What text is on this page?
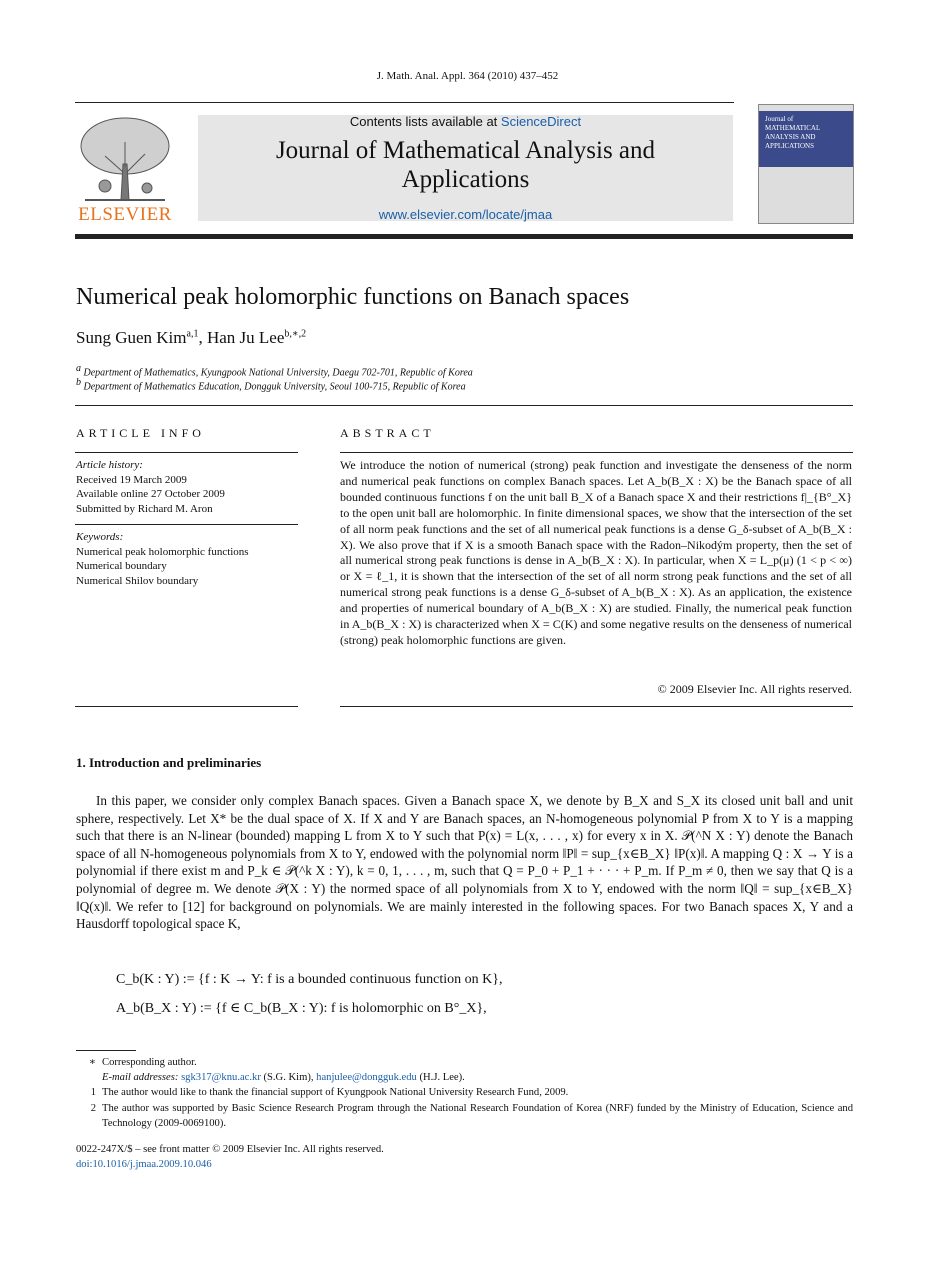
J. Math. Anal. Appl. 364 (2010) 437–452
ELSEVIER
Contents lists available at ScienceDirect
Journal of Mathematical Analysis and
Applications
www.elsevier.com/locate/jmaa
Journal of MATHEMATICAL ANALYSIS AND APPLICATIONS
Numerical peak holomorphic functions on Banach spaces
Sung Guen Kim$^{a,1}$, Han Ju Lee$^{b,∗,2}$
$^a$ Department of Mathematics, Kyungpook National University, Daegu 702-701, Republic of Korea
$^b$ Department of Mathematics Education, Dongguk University, Seoul 100-715, Republic of Korea
ARTICLE INFO
Article history:
Received 19 March 2009
Available online 27 October 2009
Submitted by Richard M. Aron
Keywords:
Numerical peak holomorphic functions
Numerical boundary
Numerical Shilov boundary
ABSTRACT
We introduce the notion of numerical (strong) peak function and investigate the denseness of the norm and numerical peak functions on complex Banach spaces. Let A_b(B_X : X) be the Banach space of all bounded continuous functions f on the unit ball B_X of a Banach space X and their restrictions f|_{B°_X} to the open unit ball are holomorphic. In finite dimensional spaces, we show that the intersection of the set of all norm peak functions and the set of all numerical peak functions is a dense G_δ-subset of A_b(B_X : X). We also prove that if X is a smooth Banach space with the Radon–Nikodým property, then the set of all numerical strong peak functions is dense in A_b(B_X : X). In particular, when X = L_p(μ) (1 < p < ∞) or X = ℓ_1, it is shown that the intersection of the set of all norm strong peak functions and the set of all numerical strong peak functions is a dense G_δ-subset of A_b(B_X : X). As an application, the existence and properties of numerical boundary of A_b(B_X : X) are studied. Finally, the numerical peak function in A_b(B_X : X) is characterized when X = C(K) and some negative results on the denseness of numerical (strong) peak holomorphic functions are given.
© 2009 Elsevier Inc. All rights reserved.
1. Introduction and preliminaries
In this paper, we consider only complex Banach spaces. Given a Banach space X, we denote by B_X and S_X its closed unit ball and unit sphere, respectively. Let X* be the dual space of X. If X and Y are Banach spaces, an N-homogeneous polynomial P from X to Y is a mapping such that there is an N-linear (bounded) mapping L from X to Y such that P(x) = L(x, . . . , x) for every x in X. 𝒫(^N X : Y) denote the Banach space of all N-homogeneous polynomials from X to Y, endowed with the polynomial norm ‖P‖ = sup_{x∈B_X} ‖P(x)‖. A mapping Q : X → Y is a polynomial if there exist m and P_k ∈ 𝒫(^k X : Y), k = 0, 1, . . . , m, such that Q = P_0 + P_1 + · · · + P_m. If P_m ≠ 0, then we say that Q is a polynomial of degree m. We denote 𝒫(X : Y) the normed space of all polynomials from X to Y, endowed with the norm ‖Q‖ = sup_{x∈B_X} ‖Q(x)‖. We refer to [12] for background on polynomials. We are mainly interested in the following spaces. For two Banach spaces X, Y and a Hausdorff topological space K,
C_b(K : Y) := {f : K → Y: f is a bounded continuous function on K},
A_b(B_X : Y) := {f ∈ C_b(B_X : Y): f is holomorphic on B°_X},
∗ Corresponding author.
E-mail addresses: sgk317@knu.ac.kr (S.G. Kim), hanjulee@dongguk.edu (H.J. Lee).
1 The author would like to thank the financial support of Kyungpook National University Research Fund, 2009.
2 The author was supported by Basic Science Research Program through the National Research Foundation of Korea (NRF) funded by the Ministry of Education, Science and Technology (2009-0069100).
0022-247X/$ – see front matter © 2009 Elsevier Inc. All rights reserved.
doi:10.1016/j.jmaa.2009.10.046
